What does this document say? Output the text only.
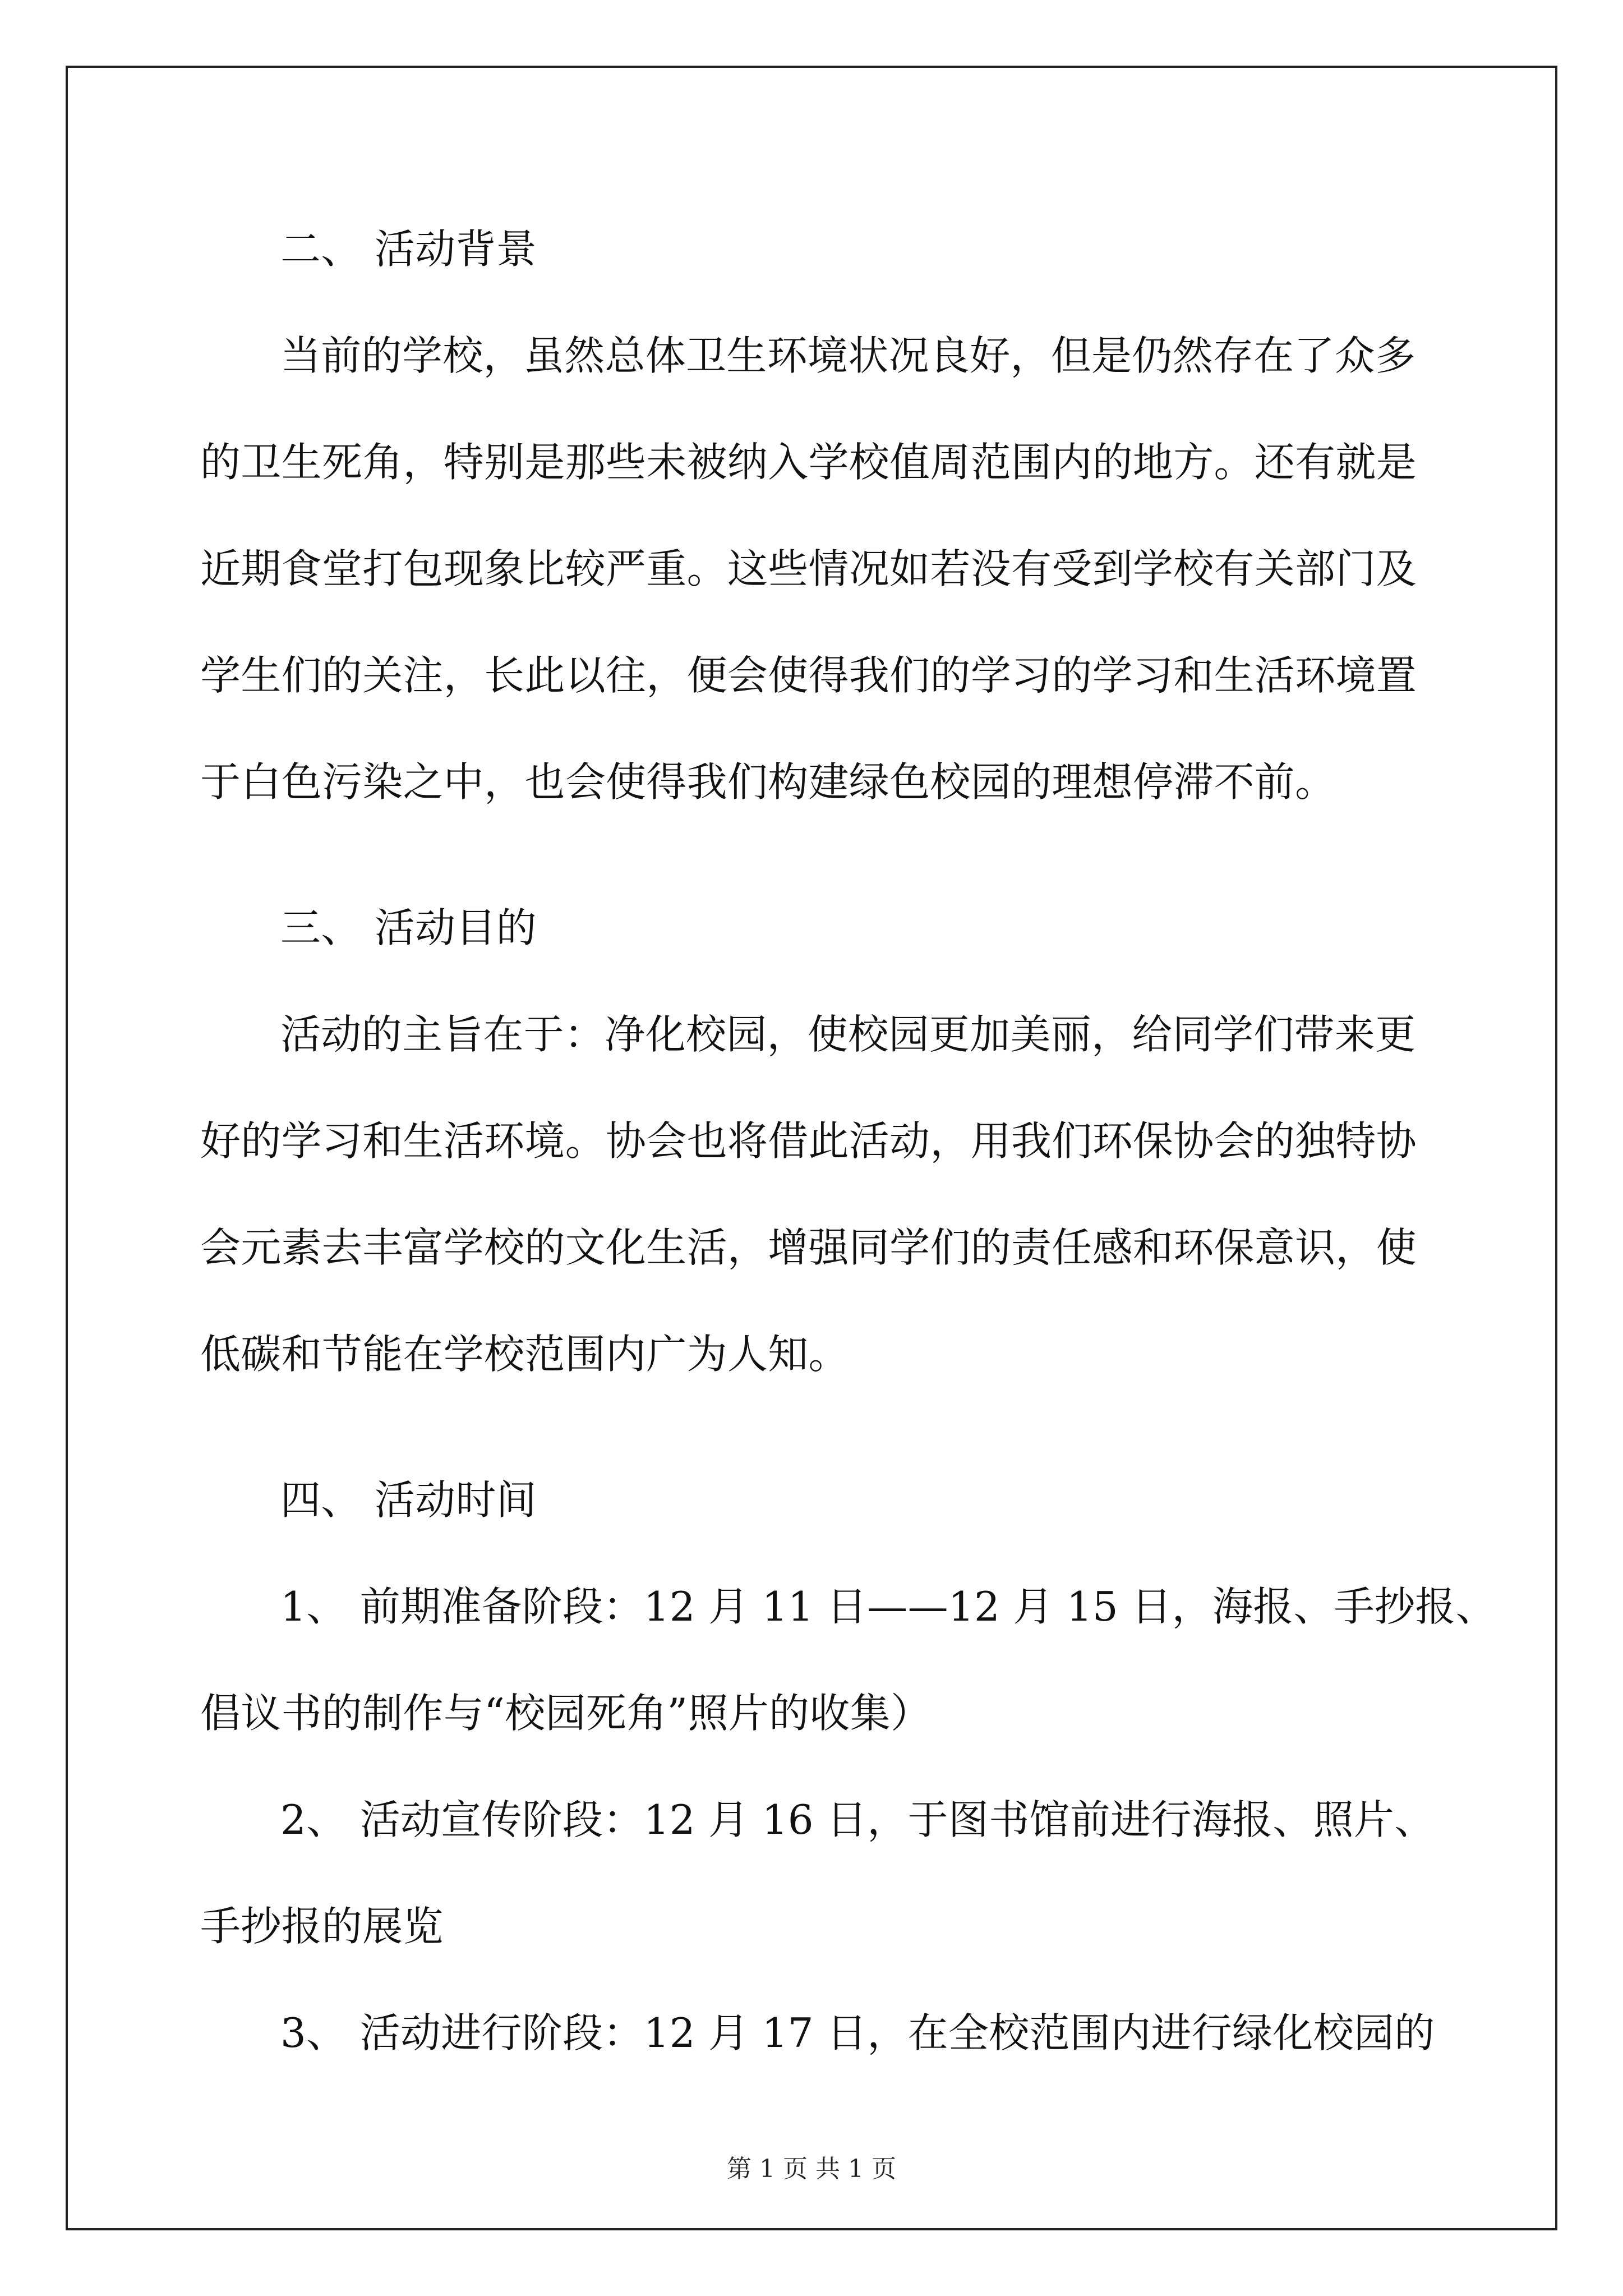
二、 活动背景
当前的学校，虽然总体卫生环境状况良好，但是仍然存在了众多
的卫生死角，特别是那些未被纳入学校值周范围内的地方。还有就是
近期食堂打包现象比较严重。这些情况如若没有受到学校有关部门及
学生们的关注，长此以往，便会使得我们的学习的学习和生活环境置
于白色污染之中，也会使得我们构建绿色校园的理想停滞不前。
三、 活动目的
活动的主旨在于：净化校园，使校园更加美丽，给同学们带来更
好的学习和生活环境。协会也将借此活动，用我们环保协会的独特协
会元素去丰富学校的文化生活，增强同学们的责任感和环保意识，使
低碳和节能在学校范围内广为人知。
四、 活动时间
1、 前期准备阶段：12 月 11 日——12 月 15 日，海报、手抄报、
倡议书的制作与“校园死角”照片的收集）
2、 活动宣传阶段：12 月 16 日，于图书馆前进行海报、照片、
手抄报的展览
3、 活动进行阶段：12 月 17 日，在全校范围内进行绿化校园的
第 1 页 共 1 页
